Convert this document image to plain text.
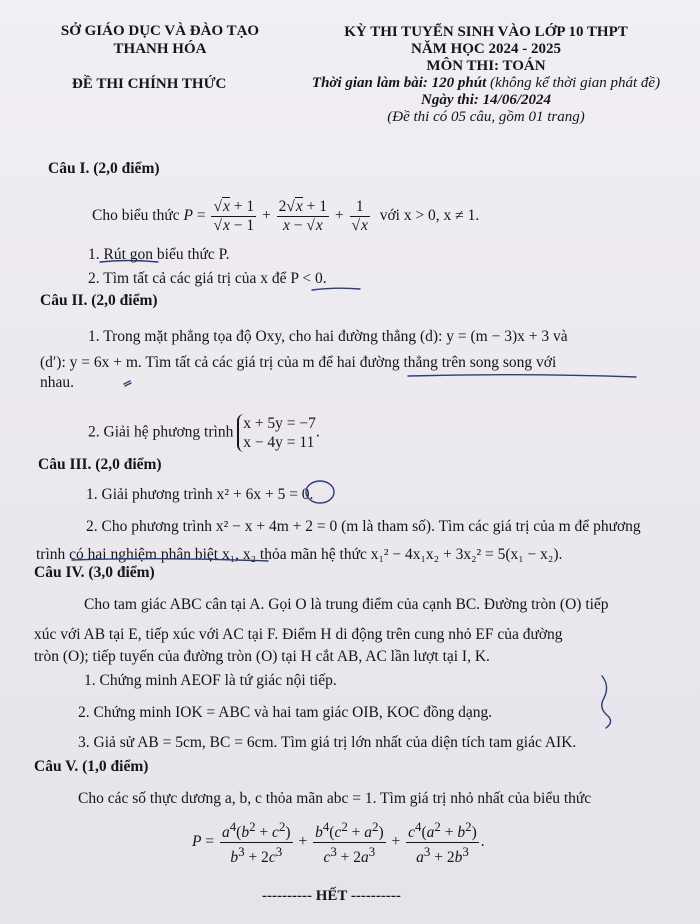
SỞ GIÁO DỤC VÀ ĐÀO TẠO
THANH HÓA
ĐỀ THI CHÍNH THỨC
KỲ THI TUYỂN SINH VÀO LỚP 10 THPT
NĂM HỌC 2024 - 2025
MÔN THI: TOÁN
Thời gian làm bài: 120 phút (không kể thời gian phát đề)
Ngày thi: 14/06/2024
(Đề thi có 05 câu, gồm 01 trang)
Câu I. (2,0 điểm)
Cho biểu thức $P = \frac{√x + 1}{√x - 1} + \frac{2√x + 1}{x - √x} + \frac{1}{√x}$ với x > 0, x ≠ 1.
1. Rút gọn biểu thức P.
2. Tìm tất cả các giá trị của x để P < 0.
Câu II. (2,0 điểm)
1. Trong mặt phẳng tọa độ Oxy, cho hai đường thẳng (d): y = (m − 3)x + 3 và
(d′): y = 6x + m. Tìm tất cả các giá trị của m để hai đường thẳng trên song song với
nhau.
2. Giải hệ phương trình
x + 5y = −7
x − 4y = 11
.
Câu III. (2,0 điểm)
1. Giải phương trình x² + 6x + 5 = 0.
2. Cho phương trình x² − x + 4m + 2 = 0 (m là tham số). Tìm các giá trị của m để phương
trình có hai nghiệm phân biệt x₁, x₂ thỏa mãn hệ thức x₁² − 4x₁x₂ + 3x₂² = 5(x₁ − x₂).
Câu IV. (3,0 điểm)
Cho tam giác ABC cân tại A. Gọi O là trung điểm của cạnh BC. Đường tròn (O) tiếp
xúc với AB tại E, tiếp xúc với AC tại F. Điểm H di động trên cung nhỏ EF của đường
tròn (O); tiếp tuyến của đường tròn (O) tại H cắt AB, AC lần lượt tại I, K.
1. Chứng minh AEOF là tứ giác nội tiếp.
2. Chứng minh IOK = ABC và hai tam giác OIB, KOC đồng dạng.
3. Giả sử AB = 5cm, BC = 6cm. Tìm giá trị lớn nhất của diện tích tam giác AIK.
Câu V. (1,0 điểm)
Cho các số thực dương a, b, c thỏa mãn abc = 1. Tìm giá trị nhỏ nhất của biểu thức
$P = \frac{a^4(b^2 + c^2)}{b^3 + 2c^3} + \frac{b^4(c^2 + a^2)}{c^3 + 2a^3} + \frac{c^4(a^2 + b^2)}{a^3 + 2b^3}$ .
---------- HẾT ----------
